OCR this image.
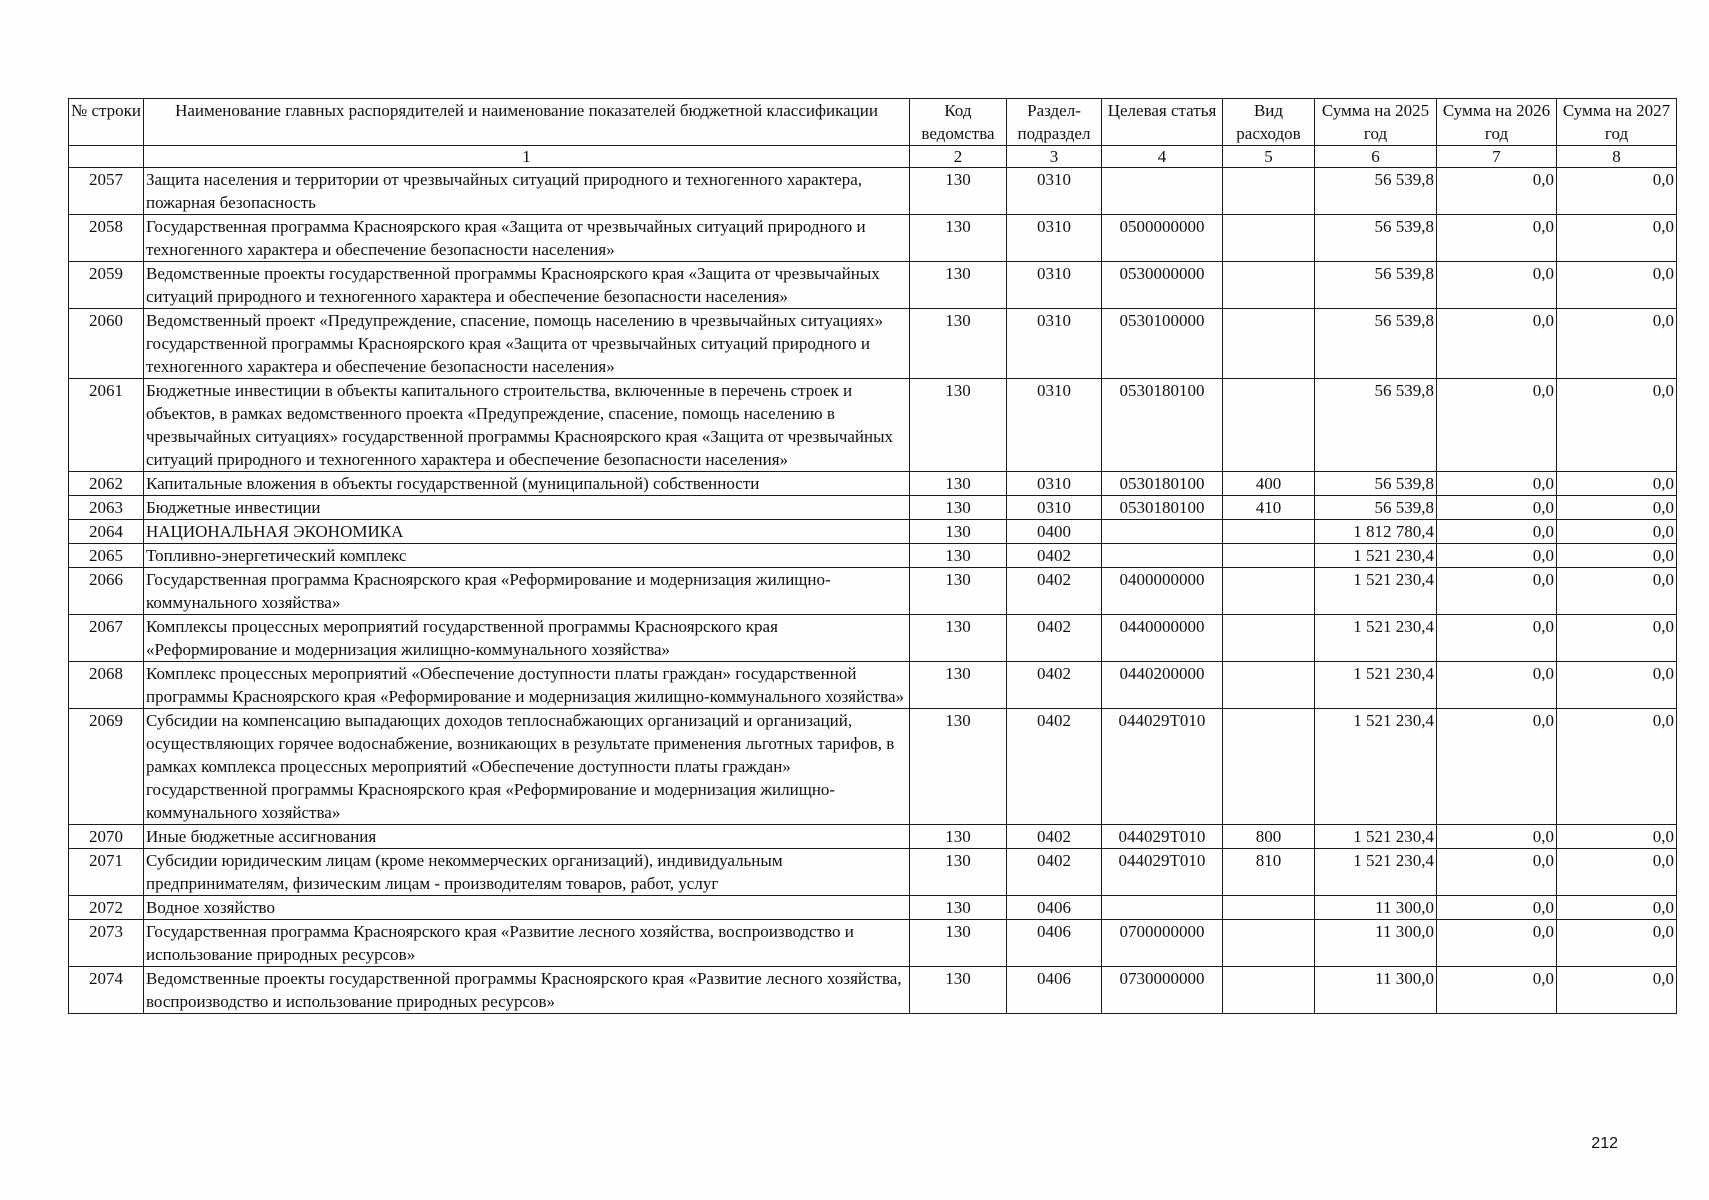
№ строки	Наименование главных распорядителей и наименование показателей бюджетной классификации	Код ведомства	Раздел-подраздел	Целевая статья	Вид расходов	Сумма на 2025 год	Сумма на 2026 год	Сумма на 2027 год
	1	2	3	4	5	6	7	8
2057	Защита населения и территории от чрезвычайных ситуаций природного и техногенного характера, пожарная безопасность	130	0310			56 539,8	0,0	0,0
2058	Государственная программа Красноярского края «Защита от чрезвычайных ситуаций природного и техногенного характера и обеспечение безопасности населения»	130	0310	0500000000		56 539,8	0,0	0,0
2059	Ведомственные проекты государственной программы Красноярского края «Защита от чрезвычайных ситуаций природного и техногенного характера и обеспечение безопасности населения»	130	0310	0530000000		56 539,8	0,0	0,0
2060	Ведомственный проект «Предупреждение, спасение, помощь населению в чрезвычайных ситуациях» государственной программы Красноярского края «Защита от чрезвычайных ситуаций природного и техногенного характера и обеспечение безопасности населения»	130	0310	0530100000		56 539,8	0,0	0,0
2061	Бюджетные инвестиции в объекты капитального строительства, включенные в перечень строек и объектов, в рамках ведомственного проекта «Предупреждение, спасение, помощь населению в чрезвычайных ситуациях» государственной программы Красноярского края «Защита от чрезвычайных ситуаций природного и техногенного характера и обеспечение безопасности населения»	130	0310	0530180100		56 539,8	0,0	0,0
2062	Капитальные вложения в объекты государственной (муниципальной) собственности	130	0310	0530180100	400	56 539,8	0,0	0,0
2063	Бюджетные инвестиции	130	0310	0530180100	410	56 539,8	0,0	0,0
2064	НАЦИОНАЛЬНАЯ ЭКОНОМИКА	130	0400			1 812 780,4	0,0	0,0
2065	Топливно-энергетический комплекс	130	0402			1 521 230,4	0,0	0,0
2066	Государственная программа Красноярского края «Реформирование и модернизация жилищно-коммунального хозяйства»	130	0402	0400000000		1 521 230,4	0,0	0,0
2067	Комплексы процессных мероприятий государственной программы Красноярского края «Реформирование и модернизация жилищно-коммунального хозяйства»	130	0402	0440000000		1 521 230,4	0,0	0,0
2068	Комплекс процессных мероприятий «Обеспечение доступности платы граждан» государственной программы Красноярского края «Реформирование и модернизация жилищно-коммунального хозяйства»	130	0402	0440200000		1 521 230,4	0,0	0,0
2069	Субсидии на компенсацию выпадающих доходов теплоснабжающих организаций и организаций, осуществляющих горячее водоснабжение, возникающих в результате применения льготных тарифов, в рамках комплекса процессных мероприятий «Обеспечение доступности платы граждан» государственной программы Красноярского края «Реформирование и модернизация жилищно-коммунального хозяйства»	130	0402	044029Т010		1 521 230,4	0,0	0,0
2070	Иные бюджетные ассигнования	130	0402	044029Т010	800	1 521 230,4	0,0	0,0
2071	Субсидии юридическим лицам (кроме некоммерческих организаций), индивидуальным предпринимателям, физическим лицам - производителям товаров, работ, услуг	130	0402	044029Т010	810	1 521 230,4	0,0	0,0
2072	Водное хозяйство	130	0406			11 300,0	0,0	0,0
2073	Государственная программа Красноярского края «Развитие лесного хозяйства, воспроизводство и использование природных ресурсов»	130	0406	0700000000		11 300,0	0,0	0,0
2074	Ведомственные проекты государственной программы Красноярского края «Развитие лесного хозяйства, воспроизводство и использование природных ресурсов»	130	0406	0730000000		11 300,0	0,0	0,0
212
